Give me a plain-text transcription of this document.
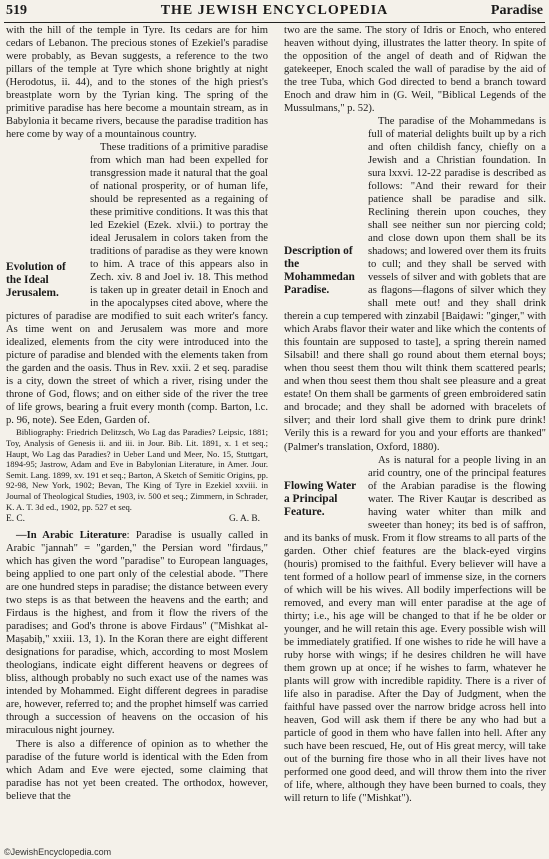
519	THE JEWISH ENCYCLOPEDIA	Paradise

with the hill of the temple in Tyre. Its cedars are for him cedars of Lebanon. The precious stones of Ezekiel's paradise were probably, as Bevan suggests, a reference to the two pillars of the temple at Tyre which shone brightly at night (Herodotus, ii. 44), and to the stones of the high priest's breastplate worn by the Tyrian king. The spring of the primitive paradise has here become a mountain stream, as in Babylonia it became rivers, because the paradise tradition has here come by way of a mountainous country.

Evolution of the Ideal Jerusalem.

These traditions of a primitive paradise from which man had been expelled for transgression made it natural that the goal of national prosperity, or of human life, should be represented as a regaining of these primitive conditions. It was this that led Ezekiel (Ezek. xlvii.) to portray the ideal Jerusalem in colors taken from the traditions of paradise as they were known to him. A trace of this appears also in Zech. xiv. 8 and Joel iv. 18. This method is taken up in greater detail in Enoch and in the apocalypses cited above, where the pictures of paradise are modified to suit each writer's fancy. As time went on and Jerusalem was more and more idealized, elements from the city were introduced into the picture of paradise and blended with the elements taken from the garden and the oasis. Thus in Rev. xxii. 2 et seq. paradise is a city, down the street of which a river, rising under the throne of God, flows; and on either side of the river the tree of life grows, bearing a fruit every month (comp. Barton, l.c. p. 96, note). See Eden, Garden of.

Bibliography: Friedrich Delitzsch, Wo Lag das Paradies? Leipsic, 1881; Toy, Analysis of Genesis ii. and iii. in Jour. Bib. Lit. 1891, x. 1 et seq.; Haupt, Wo Lag das Paradies? in Ueber Land und Meer, No. 15, Stuttgart, 1894-95; Jastrow, Adam and Eve in Babylonian Literature, in Amer. Jour. Semit. Lang. 1899, xv. 191 et seq.; Barton, A Sketch of Semitic Origins, pp. 92-98, New York, 1902; Bevan, The King of Tyre in Ezekiel xxviii. in Journal of Theological Studies, 1903, iv. 500 et seq.; Zimmern, in Schrader, K. A. T. 3d ed., 1902, pp. 527 et seq.

E. C.	G. A. B.

—In Arabic Literature: Paradise is usually called in Arabic "jannah" = "garden," the Persian word "firdaus," which has given the word "paradise" to European languages, being applied to one part only of the celestial abode. "There are one hundred steps in paradise; the distance between every two steps is as that between the heavens and the earth; and Firdaus is the highest, and from it flow the rivers of the paradises; and God's throne is above Firdaus" ("Mishkat al-Maṣabiḥ," xxiii. 13, 1). In the Koran there are eight different designations for paradise, which, according to most Moslem theologians, indicate eight different heavens or degrees of bliss, although probably no such exact use of the names was intended by Mohammed. Eight different degrees in paradise are, however, referred to; and the prophet himself was carried through a succession of heavens on the occasion of his miraculous night journey.

There is also a difference of opinion as to whether the paradise of the future world is identical with the Eden from which Adam and Eve were ejected, some claiming that paradise has not yet been created. The orthodox, however, believe that the

two are the same. The story of Idris or Enoch, who entered heaven without dying, illustrates the latter theory. In spite of the opposition of the angel of death and of Riḍwan the gatekeeper, Enoch scaled the wall of paradise by the aid of the tree Tuba, which God directed to bend a branch toward Enoch and draw him in (G. Weil, "Biblical Legends of the Mussulmans," p. 52).

Description of the Mohammedan Paradise.

The paradise of the Mohammedans is full of material delights built up by a rich and often childish fancy, chiefly on a Jewish and a Christian foundation. In sura lxxvi. 12-22 paradise is described as follows: "And their reward for their patience shall be paradise and silk. Reclining therein upon couches, they shall see neither sun nor piercing cold; and close down upon them shall be its shadows; and lowered over them its fruits to cull; and they shall be served with vessels of silver and with goblets that are as flagons—flagons of silver which they shall mete out! and they shall drink therein a cup tempered with zinzabil [Baiḍawi: "ginger," with which Arabs flavor their water and like which the contents of this fountain are supposed to taste], a spring therein named Silsabil! and there shall go round about them eternal boys; when thou seest them thou wilt think them scattered pearls; and when thou seest them thou shalt see pleasure and a great estate! On them shall be garments of green embroidered satin and brocade; and they shall be adorned with bracelets of silver; and their lord shall give them to drink pure drink! Verily this is a reward for you and your efforts are thanked" (Palmer's translation, Oxford, 1880).

Flowing Water a Principal Feature.

As is natural for a people living in an arid country, one of the principal features of the Arabian paradise is the flowing water. The River Kauṯar is described as having water whiter than milk and sweeter than honey; its bed is of saffron, and its banks of musk. From it flow streams to all parts of the garden. Other chief features are the black-eyed virgins (houris) promised to the faithful. Every believer will have a tent formed of a hollow pearl of immense size, in the corners of which will be his wives. All bodily imperfections will be removed, and every man will enter paradise at the age of thirty; i.e., his age will be changed to that if he be older or younger, and he will retain this age. Every possible wish will be immediately gratified. If one wishes to ride he will have a ruby horse with wings; if he desires children he will have them grown up at once; if he wishes to farm, whatever he plants will grow with incredible rapidity. There is a river of life also in paradise. After the Day of Judgment, when the faithful have passed over the narrow bridge across hell into heaven, God will ask them if there be any who had but a particle of good in them who have fallen into hell. After any such have been rescued, He, out of His great mercy, will take out of the burning fire those who in all their lives have not performed one good deed, and will throw them into the river of life, where, although they have been burned to coals, they will return to life ("Mishkat").

©JewishEncyclopedia.com
